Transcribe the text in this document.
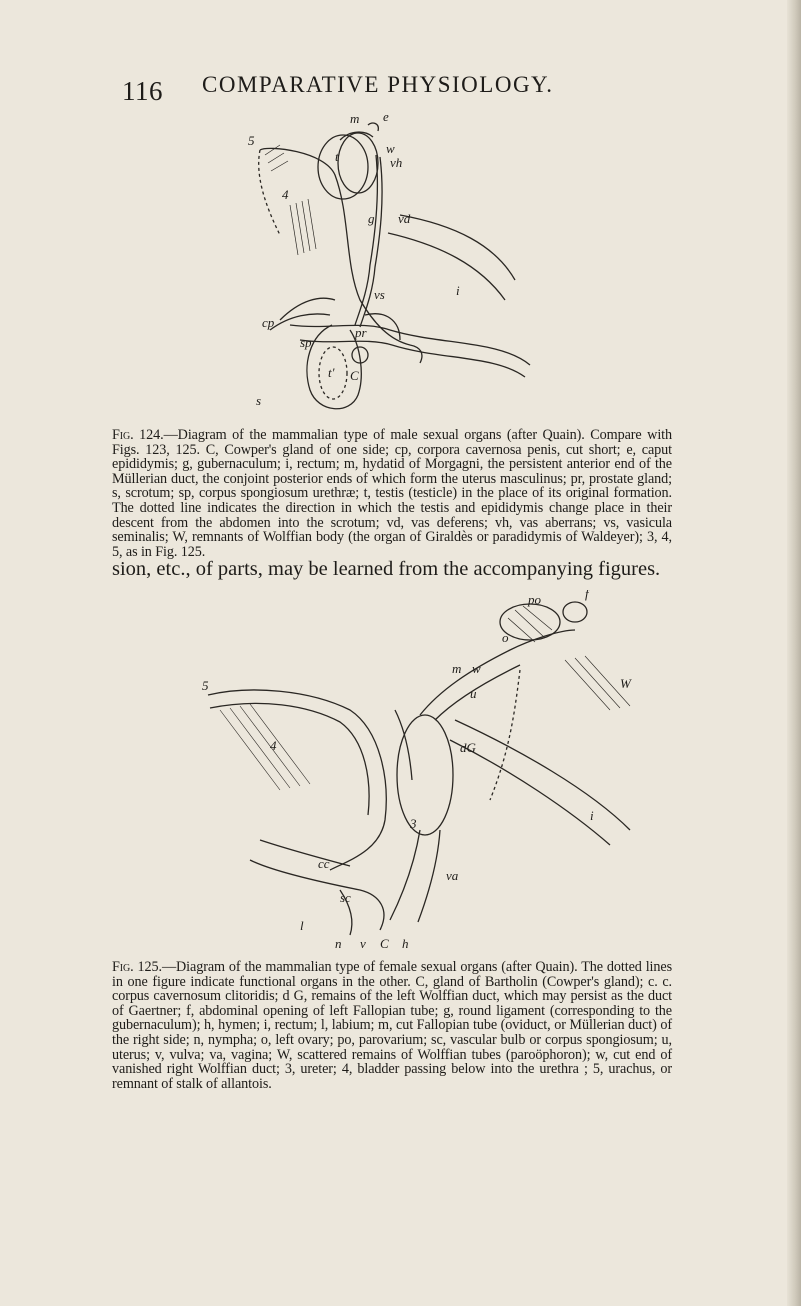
116 COMPARATIVE PHYSIOLOGY.
m e
w
vh
t
5
4
g vd
i
cp
vs
sp
pr
C
t'
s

Fig. 124.—Diagram of the mammalian type of male sexual organs (after Quain). Compare with Figs. 123, 125. C, Cowper's gland of one side; cp, corpora cavernosa penis, cut short; e, caput epididymis; g, gubernaculum; i, rectum; m, hydatid of Morgagni, the persistent anterior end of the Müllerian duct, the conjoint posterior ends of which form the uterus masculinus; pr, prostate gland; s, scrotum; sp, corpus spongiosum urethræ; t, testis (testicle) in the place of its original formation. The dotted line indicates the direction in which the testis and epididymis change place in their descent from the abdomen into the scrotum; vd, vas deferens; vh, vas aberrans; vs, vasicula seminalis; W, remnants of Wolffian body (the organ of Giraldès or paradidymis of Waldeyer); 3, 4, 5, as in Fig. 125.

sion, etc., of parts, may be learned from the accompanying figures.

po	f
o
5
m w
u
W
4	dG
3
i
cc
va
sc
l
n v C h

Fig. 125.—Diagram of the mammalian type of female sexual organs (after Quain). The dotted lines in one figure indicate functional organs in the other. C, gland of Bartholin (Cowper's gland); c. c. corpus cavernosum clitoridis; d G, remains of the left Wolffian duct, which may persist as the duct of Gaertner; f, abdominal opening of left Fallopian tube; g, round ligament (corresponding to the gubernaculum); h, hymen; i, rectum; l, labium; m, cut Fallopian tube (oviduct, or Müllerian duct) of the right side; n, nympha; o, left ovary; po, parovarium; sc, vascular bulb or corpus spongiosum; u, uterus; v, vulva; va, vagina; W, scattered remains of Wolffian tubes (paroöphoron); w, cut end of vanished right Wolffian duct; 3, ureter; 4, bladder passing below into the urethra ; 5, urachus, or remnant of stalk of allantois.
